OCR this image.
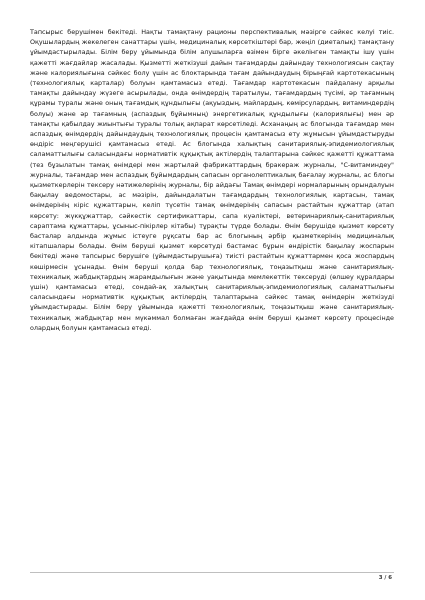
Тапсырыс берушімен бекітеді. Нақты тамақтану рационы перспективалық мәзірге сәйкес келуі тиіс. Оқушылардың жекелеген санаттары үшін, медициналық көрсеткіштері бар, жеңіл (диеталық) тамақтану ұйымдастырылады. Білім беру ұйымында білім алушыларға өзімен бірге әкелінген тамақты ішу үшін қажетті жағдайлар жасалады. Қызметті жеткізуші дайын тағамдарды дайындау технологиясын сақтау және калориялығына сәйкес болу үшін ас блоктарында тағам дайындаудың бірыңғай картотекасының (технологиялық карталар) болуын қамтамасыз етеді. Тағамдар картотекасын пайдалану арқылы тамақты дайындау жүзеге асырылады, онда өнімдердің таратылуы, тағамдардың түсімі, әр тағамның құрамы туралы және оның тағамдық құндылығы (ақуыздың, майлардың, көмірсулардың, витаминдердің болуы) және әр тағамның (аспаздық бұйымның) энергетикалық құндылығы (калориялығы) мен әр тамақты қабылдау жиынтығы туралы толық ақпарат көрсетіледі. Асханаңың ас блогында тағамдар мен аспаздық өнімдердің дайындаудың технологиялық процесін қамтамасыз ету жұмысын ұйымдастыруды өндіріс меңгерушісі қамтамасыз етеді. Ас блогында халықтың санитариялық-эпидемиологиялық саламаттылығы саласындағы нормативтік құқықтық актілердің талаптарына сәйкес қажетті құжаттама (тез бұзылатын тамақ өнімдері мен жартылай фабрикаттардың бракераж журналы, "С-витаминдеу" журналы, тағамдар мен аспаздық бұйымдардың сапасын органолептикалық бағалау журналы, ас блогы қызметкерлерін тексеру нәтижелерінің журналы, бір айдағы Тамақ өнімдері нормаларының орындалуын бақылау ведомостары, ас мәзірін, дайындалатын тағамдардың технологиялық картасын, тамақ өнімдерінің кіріс құжаттарын, келіп түсетін тамақ өнімдерінің сапасын растайтын құжаттар (атап көрсету: жүкқұжаттар, сәйкестік сертификаттары, сапа куәліктері, ветеринариялық-санитариялық сараптама құжаттары, ұсыныс-пікірлер кітабы) тұрақты түрде болады. Өнім берушіде қызмет көрсету басталар алдында жұмыс істеуге рұқсаты бар ас блогының әрбір қызметкерінің медициналық кітапшалары болады. Өнім беруші қызмет көрсетуді бастамас бұрын өндірістік бақылау жоспарын бекітеді және тапсырыс берушіге (ұйымдастырушыға) тиісті растайтын құжаттармен қоса жоспардың көшірмесін ұсынады. Өнім беруші қолда бар технологиялық, тоңазытқыш және санитариялық-техникалық жабдықтардың жарамдылығын және уақытында мемлекеттік тексеруді (өлшеу құралдары үшін) қамтамасыз етеді, сондай-ақ халықтың санитариялық-эпидемиологиялық саламаттылығы саласындағы нормативтік құқықтық актілердің талаптарына сәйкес тамақ өнімдерін жеткізуді ұйымдастырады. Білім беру ұйымында қажетті технологиялық, тоңазытқыш және санитариялық-техникалық жабдықтар мен мүкәммал болмаған жағдайда өнім беруші қызмет көрсету процесінде олардың болуын қамтамасыз етеді.

3 / 6
